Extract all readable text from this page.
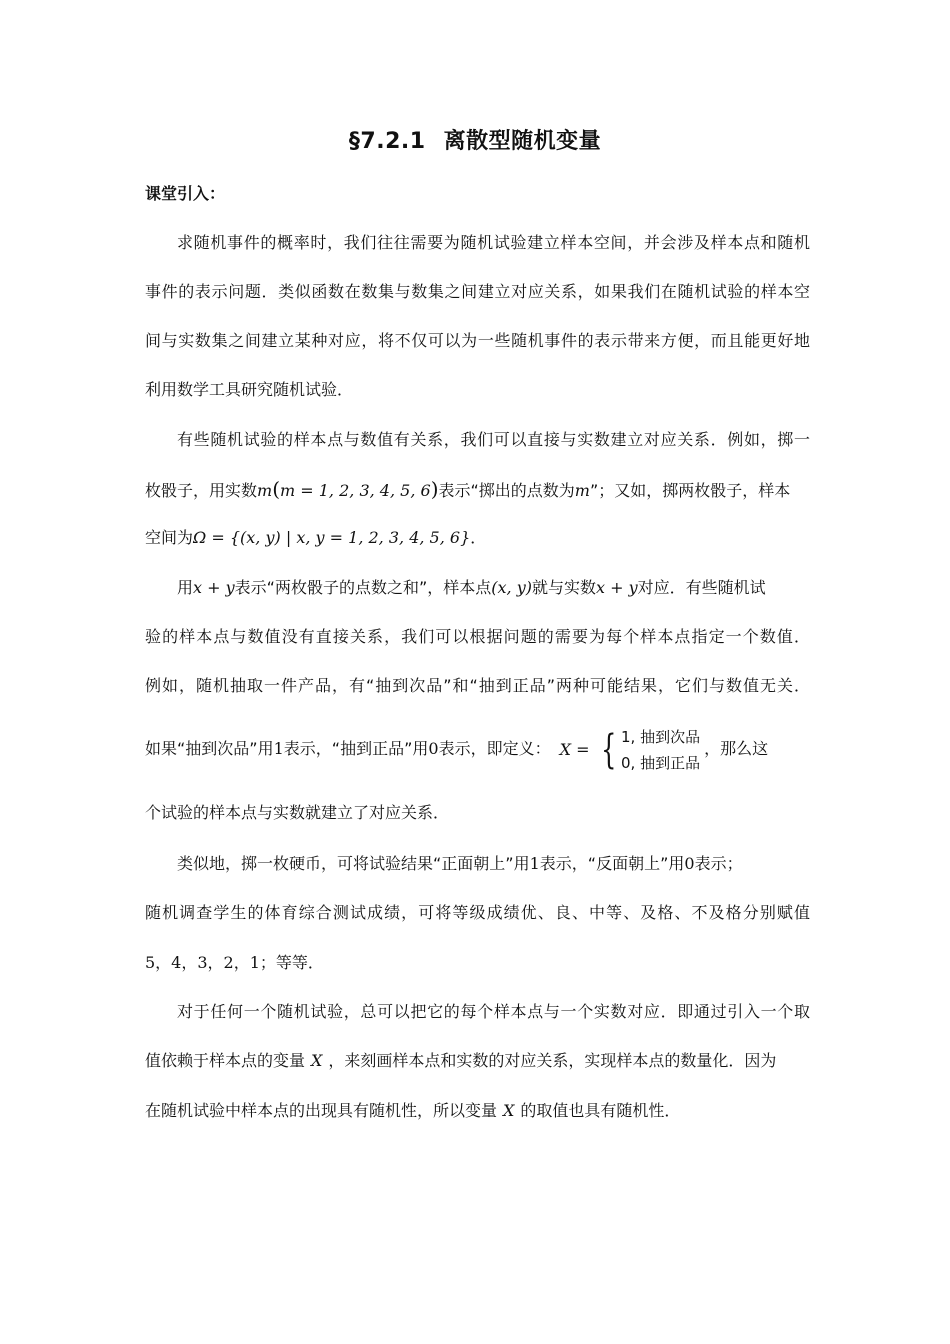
§7.2.1 离散型随机变量
课堂引入：
求随机事件的概率时，我们往往需要为随机试验建立样本空间，并会涉及样本点和随机
事件的表示问题．类似函数在数集与数集之间建立对应关系，如果我们在随机试验的样本空
间与实数集之间建立某种对应，将不仅可以为一些随机事件的表示带来方便，而且能更好地
利用数学工具研究随机试验．
有些随机试验的样本点与数值有关系，我们可以直接与实数建立对应关系．例如，掷一
枚骰子，用实数m(m = 1, 2, 3, 4, 5, 6)表示“掷出的点数为m”；又如，掷两枚骰子，样本
空间为Ω = {(x, y) | x, y = 1, 2, 3, 4, 5, 6}．
用x + y表示“两枚骰子的点数之和”，样本点(x, y)就与实数x + y对应．有些随机试
验的样本点与数值没有直接关系，我们可以根据问题的需要为每个样本点指定一个数值．
例如，随机抽取一件产品，有“抽到次品”和“抽到正品”两种可能结果，它们与数值无关．
如果“抽到次品”用1表示，“抽到正品”用0表示，即定义： X = { 1, 抽到次品
0, 抽到正品
，那么这
个试验的样本点与实数就建立了对应关系．
类似地，掷一枚硬币，可将试验结果“正面朝上”用1表示，“反面朝上”用0表示；
随机调查学生的体育综合测试成绩，可将等级成绩优、良、中等、及格、不及格分别赋值
5，4，3，2，1；等等．
对于任何一个随机试验，总可以把它的每个样本点与一个实数对应．即通过引入一个取
值依赖于样本点的变量 X ，来刻画样本点和实数的对应关系，实现样本点的数量化．因为
在随机试验中样本点的出现具有随机性，所以变量 X 的取值也具有随机性．
